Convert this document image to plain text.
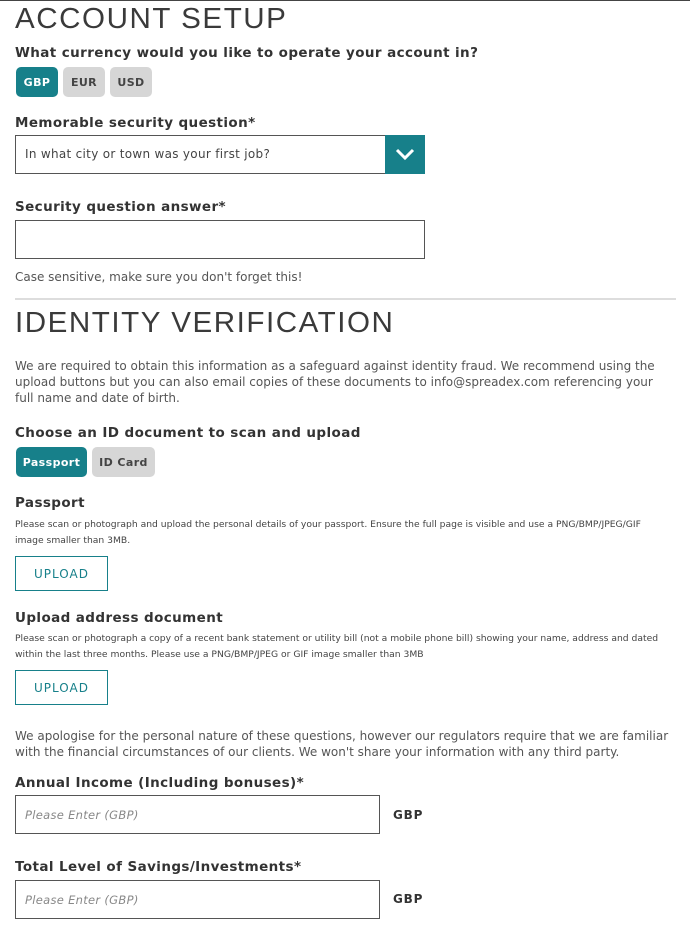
ACCOUNT SETUP
What currency would you like to operate your account in?
GBP	EUR	USD
Memorable security question*
In what city or town was your first job?
Security question answer*
Case sensitive, make sure you don't forget this!
IDENTITY VERIFICATION
We are required to obtain this information as a safeguard against identity fraud. We recommend using the upload buttons but you can also email copies of these documents to info@spreadex.com referencing your full name and date of birth.
Choose an ID document to scan and upload
Passport	ID Card
Passport
Please scan or photograph and upload the personal details of your passport. Ensure the full page is visible and use a PNG/BMP/JPEG/GIF image smaller than 3MB.
UPLOAD
Upload address document
Please scan or photograph a copy of a recent bank statement or utility bill (not a mobile phone bill) showing your name, address and dated within the last three months. Please use a PNG/BMP/JPEG or GIF image smaller than 3MB
UPLOAD
We apologise for the personal nature of these questions, however our regulators require that we are familiar with the financial circumstances of our clients. We won't share your information with any third party.
Annual Income (Including bonuses)*
Please Enter (GBP)
GBP
Total Level of Savings/Investments*
Please Enter (GBP)
GBP
